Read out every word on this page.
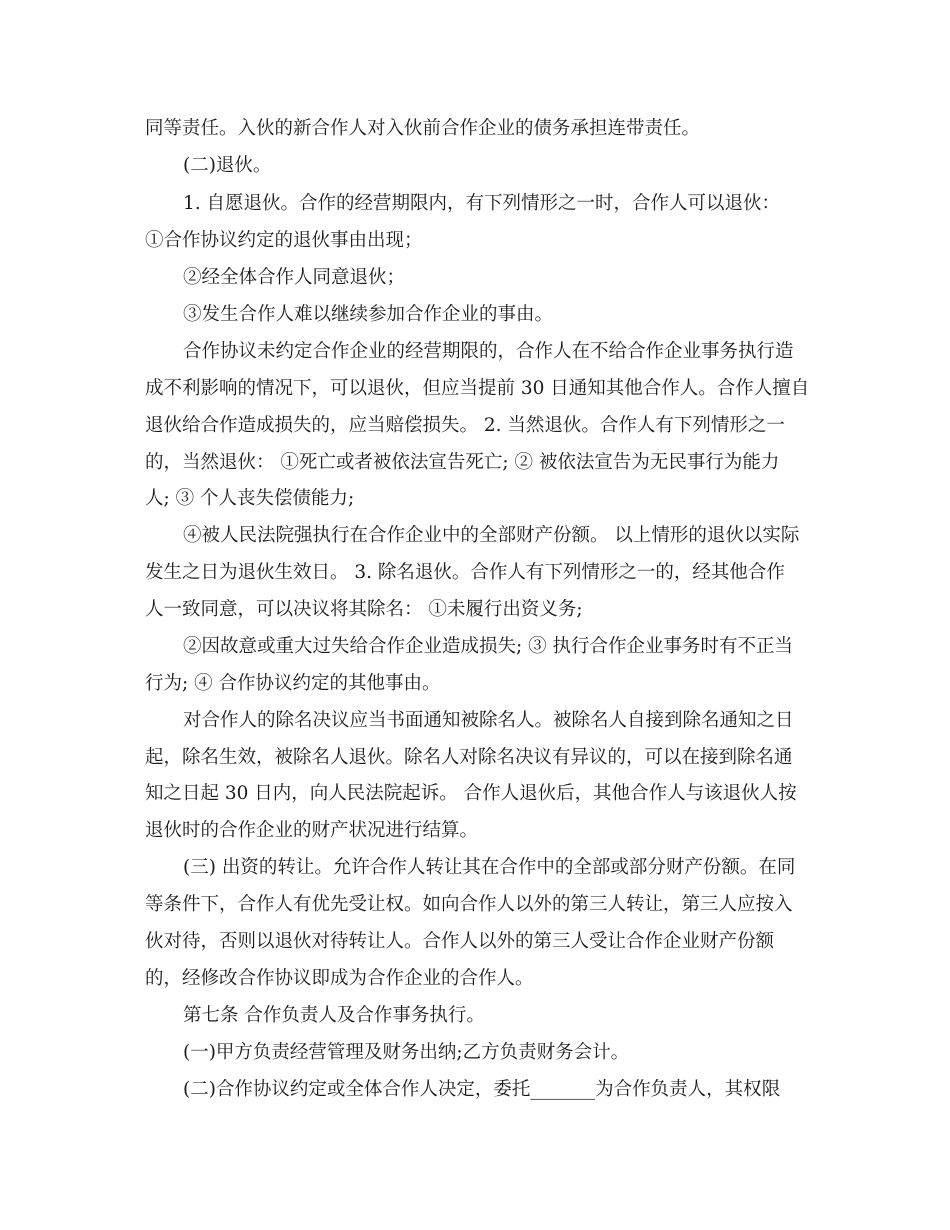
同等责任。入伙的新合作人对入伙前合作企业的债务承担连带责任。
(二)退伙。
1. 自愿退伙。合作的经营期限内，有下列情形之一时，合作人可以退伙：
①合作协议约定的退伙事由出现；
②经全体合作人同意退伙；
③发生合作人难以继续参加合作企业的事由。
合作协议未约定合作企业的经营期限的，合作人在不给合作企业事务执行造
成不利影响的情况下，可以退伙，但应当提前 30 日通知其他合作人。合作人擅自
退伙给合作造成损失的，应当赔偿损失。 2. 当然退伙。合作人有下列情形之一
的，当然退伙： ①死亡或者被依法宣告死亡; ② 被依法宣告为无民事行为能力
人; ③ 个人丧失偿债能力;
④被人民法院强执行在合作企业中的全部财产份额。 以上情形的退伙以实际
发生之日为退伙生效日。 3. 除名退伙。合作人有下列情形之一的，经其他合作
人一致同意，可以决议将其除名： ①未履行出资义务;
②因故意或重大过失给合作企业造成损失; ③ 执行合作企业事务时有不正当
行为; ④ 合作协议约定的其他事由。
对合作人的除名决议应当书面通知被除名人。被除名人自接到除名通知之日
起，除名生效，被除名人退伙。除名人对除名决议有异议的，可以在接到除名通
知之日起 30 日内，向人民法院起诉。 合作人退伙后，其他合作人与该退伙人按
退伙时的合作企业的财产状况进行结算。
(三) 出资的转让。允许合作人转让其在合作中的全部或部分财产份额。在同
等条件下，合作人有优先受让权。如向合作人以外的第三人转让，第三人应按入
伙对待，否则以退伙对待转让人。合作人以外的第三人受让合作企业财产份额
的，经修改合作协议即成为合作企业的合作人。
第七条 合作负责人及合作事务执行。
(一)甲方负责经营管理及财务出纳;乙方负责财务会计。
(二)合作协议约定或全体合作人决定，委托_______为合作负责人，其权限
